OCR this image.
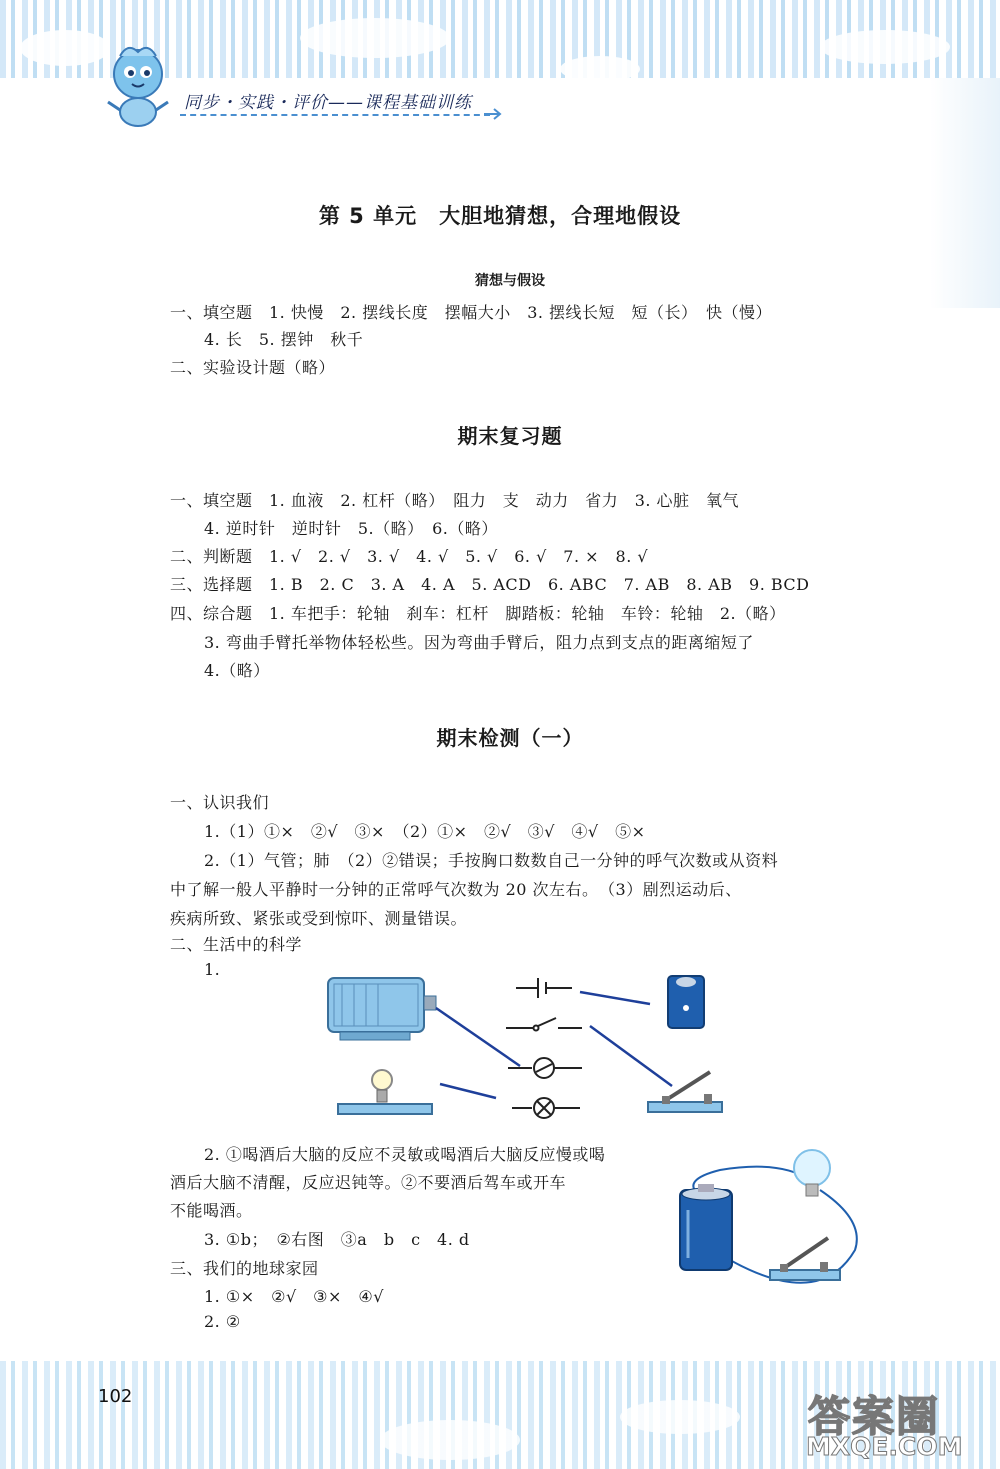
同步・实践・评价——课程基础训练
第 5 单元　大胆地猜想，合理地假设
猜想与假设
一、填空题　1. 快慢　2. 摆线长度　摆幅大小　3. 摆线长短　短（长）　快（慢）
4. 长　5. 摆钟　秋千
二、实验设计题（略）
期末复习题
一、填空题　1. 血液　2. 杠杆（略）　阻力　支　动力　省力　3. 心脏　氧气
4. 逆时针　逆时针　5.（略）　6.（略）
二、判断题　1. √　2. √　3. √　4. √　5. √　6. √　7. ×　8. √
三、选择题　1. B　2. C　3. A　4. A　5. ACD　6. ABC　7. AB　8. AB　9. BCD
四、综合题　1. 车把手：轮轴　刹车：杠杆　脚踏板：轮轴　车铃：轮轴　2.（略）
3. 弯曲手臂托举物体轻松些。因为弯曲手臂后，阻力点到支点的距离缩短了
4.（略）
期末检测（一）
一、认识我们
1.（1）①×　②√　③×　（2）①×　②√　③√　④√　⑤×
2.（1）气管；肺　（2）②错误；手按胸口数数自己一分钟的呼气次数或从资料
中了解一般人平静时一分钟的正常呼气次数为 20 次左右。　（3）剧烈运动后、
疾病所致、紧张或受到惊吓、测量错误。
二、生活中的科学
1.
2. ①喝酒后大脑的反应不灵敏或喝酒后大脑反应慢或喝
酒后大脑不清醒，反应迟钝等。②不要酒后驾车或开车
不能喝酒。
3. ①b；　②右图　③a　b　c　4. d
三、我们的地球家园
1. ①×　②√　③×　④√
2. ②
102	答案圈
MXQE.COM
